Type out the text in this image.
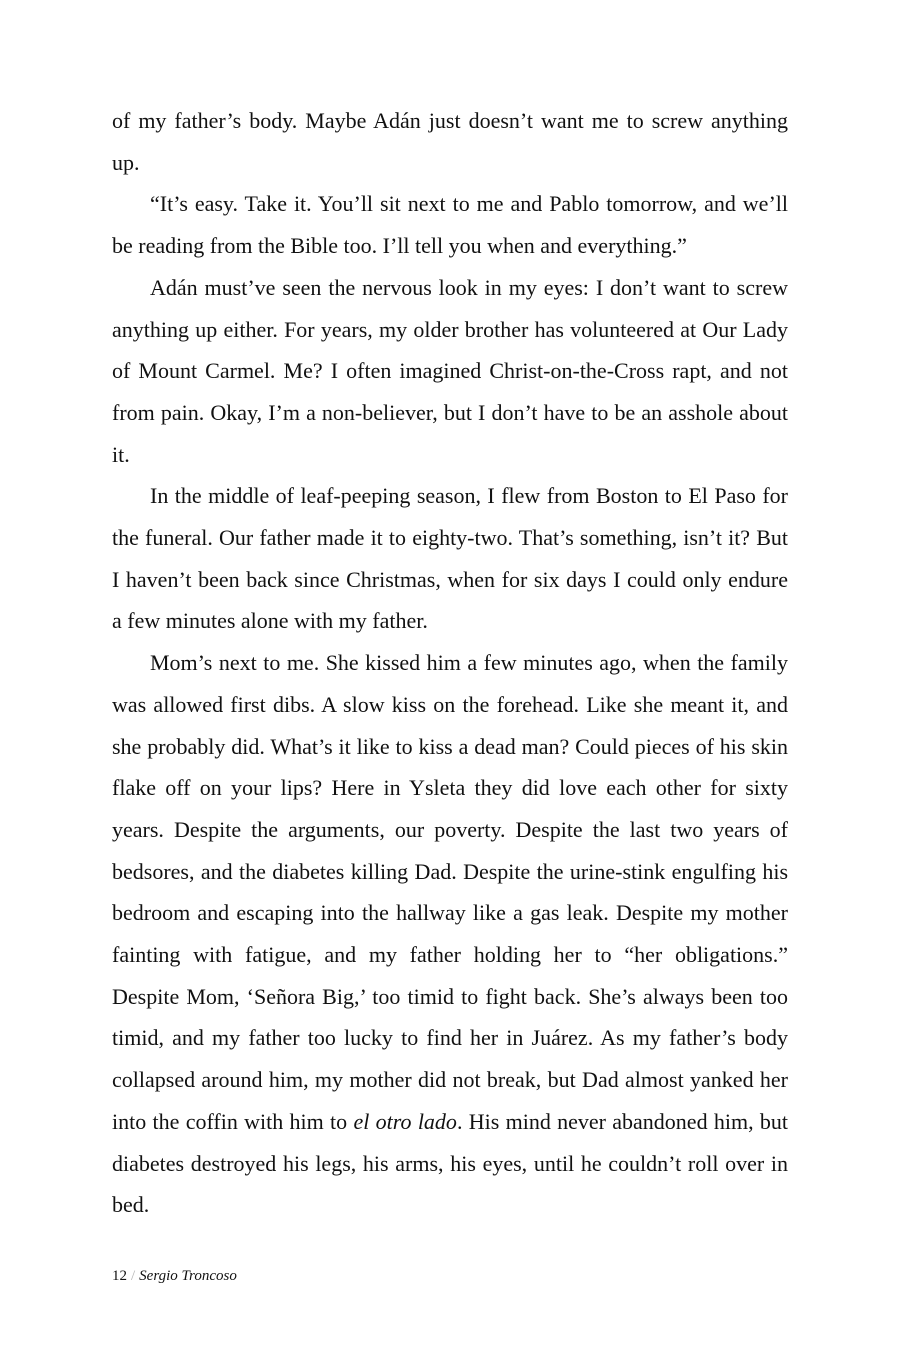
of my father’s body. Maybe Adán just doesn’t want me to screw anything up.

“It’s easy. Take it. You’ll sit next to me and Pablo tomorrow, and we’ll be reading from the Bible too. I’ll tell you when and everything.”

Adán must’ve seen the nervous look in my eyes: I don’t want to screw anything up either. For years, my older brother has volunteered at Our Lady of Mount Carmel. Me? I often imagined Christ-on-the-Cross rapt, and not from pain. Okay, I’m a non-believer, but I don’t have to be an asshole about it.

In the middle of leaf-peeping season, I flew from Boston to El Paso for the funeral. Our father made it to eighty-two. That’s something, isn’t it? But I haven’t been back since Christmas, when for six days I could only endure a few minutes alone with my father.

Mom’s next to me. She kissed him a few minutes ago, when the family was allowed first dibs. A slow kiss on the forehead. Like she meant it, and she probably did. What’s it like to kiss a dead man? Could pieces of his skin flake off on your lips? Here in Ysleta they did love each other for sixty years. Despite the arguments, our poverty. Despite the last two years of bedsores, and the diabetes killing Dad. Despite the urine-stink engulfing his bedroom and escaping into the hallway like a gas leak. Despite my mother fainting with fatigue, and my father holding her to “her obligations.” Despite Mom, ‘Señora Big,’ too timid to fight back. She’s always been too timid, and my father too lucky to find her in Juárez. As my father’s body collapsed around him, my mother did not break, but Dad almost yanked her into the coffin with him to el otro lado. His mind never abandoned him, but diabetes destroyed his legs, his arms, his eyes, until he couldn’t roll over in bed.

12 / Sergio Troncoso
